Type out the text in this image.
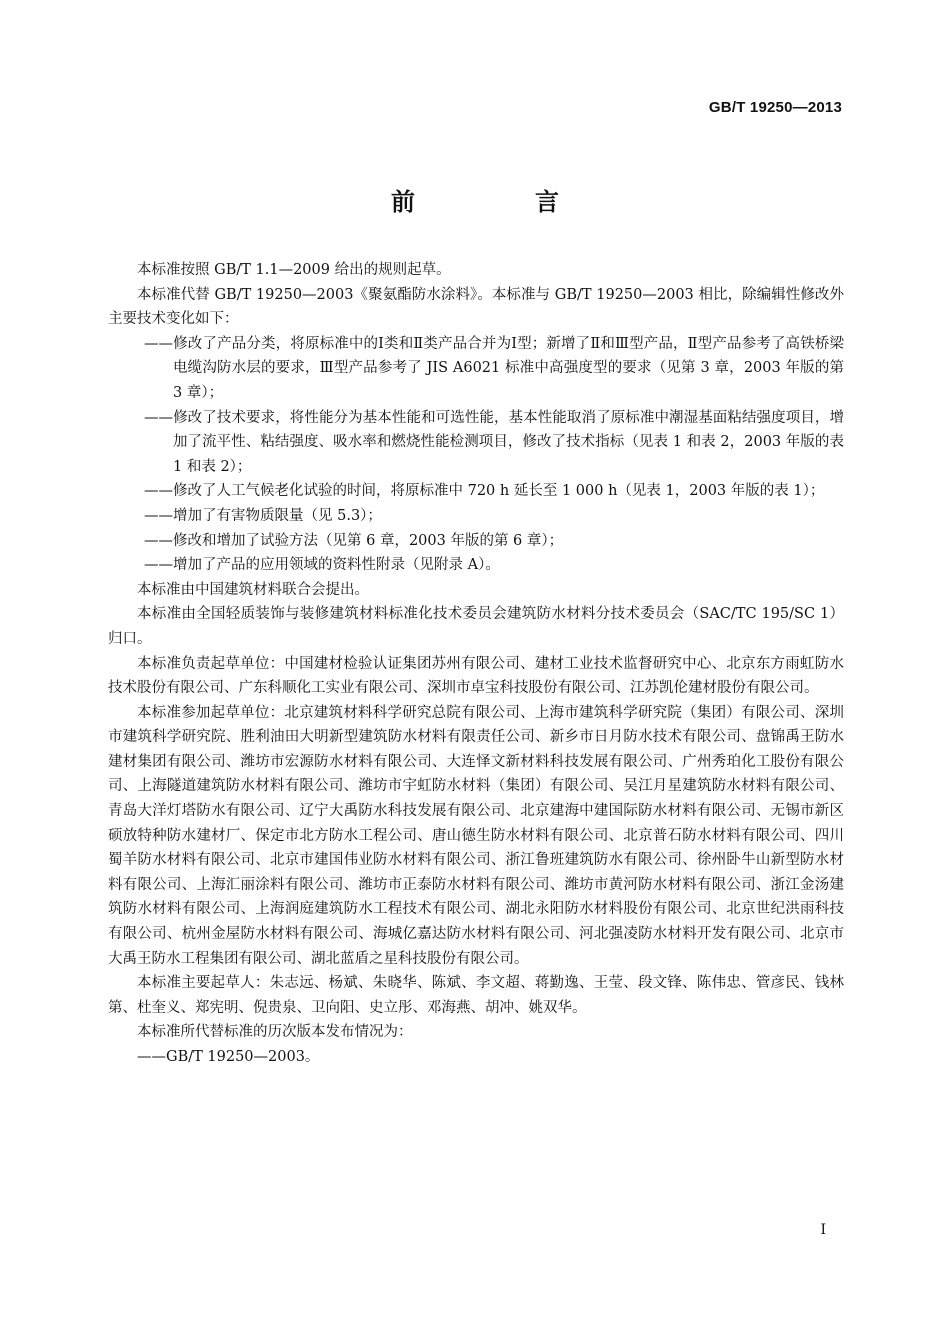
GB/T 19250—2013
前　言

本标准按照 GB/T 1.1—2009 给出的规则起草。

本标准代替 GB/T 19250—2003《聚氨酯防水涂料》。本标准与 GB/T 19250—2003 相比，除编辑性修改外主要技术变化如下：

——修改了产品分类，将原标准中的Ⅰ类和Ⅱ类产品合并为Ⅰ型；新增了Ⅱ和Ⅲ型产品，Ⅱ型产品参考了高铁桥梁电缆沟防水层的要求，Ⅲ型产品参考了 JIS A6021 标准中高强度型的要求（见第 3 章，2003 年版的第 3 章）；

——修改了技术要求，将性能分为基本性能和可选性能，基本性能取消了原标准中潮湿基面粘结强度项目，增加了流平性、粘结强度、吸水率和燃烧性能检测项目，修改了技术指标（见表 1 和表 2，2003 年版的表 1 和表 2）；

——修改了人工气候老化试验的时间，将原标准中 720 h 延长至 1 000 h（见表 1，2003 年版的表 1）；

——增加了有害物质限量（见 5.3）；

——修改和增加了试验方法（见第 6 章，2003 年版的第 6 章）；

——增加了产品的应用领域的资料性附录（见附录 A）。

本标准由中国建筑材料联合会提出。

本标准由全国轻质装饰与装修建筑材料标准化技术委员会建筑防水材料分技术委员会（SAC/TC 195/SC 1）归口。

本标准负责起草单位：中国建材检验认证集团苏州有限公司、建材工业技术监督研究中心、北京东方雨虹防水技术股份有限公司、广东科顺化工实业有限公司、深圳市卓宝科技股份有限公司、江苏凯伦建材股份有限公司。

本标准参加起草单位：北京建筑材料科学研究总院有限公司、上海市建筑科学研究院（集团）有限公司、深圳市建筑科学研究院、胜利油田大明新型建筑防水材料有限责任公司、新乡市日月防水技术有限公司、盘锦禹王防水建材集团有限公司、潍坊市宏源防水材料有限公司、大连怿文新材料科技发展有限公司、广州秀珀化工股份有限公司、上海隧道建筑防水材料有限公司、潍坊市宇虹防水材料（集团）有限公司、吴江月星建筑防水材料有限公司、青岛大洋灯塔防水有限公司、辽宁大禹防水科技发展有限公司、北京建海中建国际防水材料有限公司、无锡市新区硕放特种防水建材厂、保定市北方防水工程公司、唐山德生防水材料有限公司、北京普石防水材料有限公司、四川蜀羊防水材料有限公司、北京市建国伟业防水材料有限公司、浙江鲁班建筑防水有限公司、徐州卧牛山新型防水材料有限公司、上海汇丽涂料有限公司、潍坊市正泰防水材料有限公司、潍坊市黄河防水材料有限公司、浙江金汤建筑防水材料有限公司、上海润庭建筑防水工程技术有限公司、湖北永阳防水材料股份有限公司、北京世纪洪雨科技有限公司、杭州金屋防水材料有限公司、海城亿嘉达防水材料有限公司、河北强凌防水材料开发有限公司、北京市大禹王防水工程集团有限公司、湖北蓝盾之星科技股份有限公司。

本标准主要起草人：朱志远、杨斌、朱晓华、陈斌、李文超、蒋勤逸、王莹、段文锋、陈伟忠、管彦民、钱林第、杜奎义、郑宪明、倪贵泉、卫向阳、史立彤、邓海燕、胡冲、姚双华。

本标准所代替标准的历次版本发布情况为：

——GB/T 19250—2003。

I
